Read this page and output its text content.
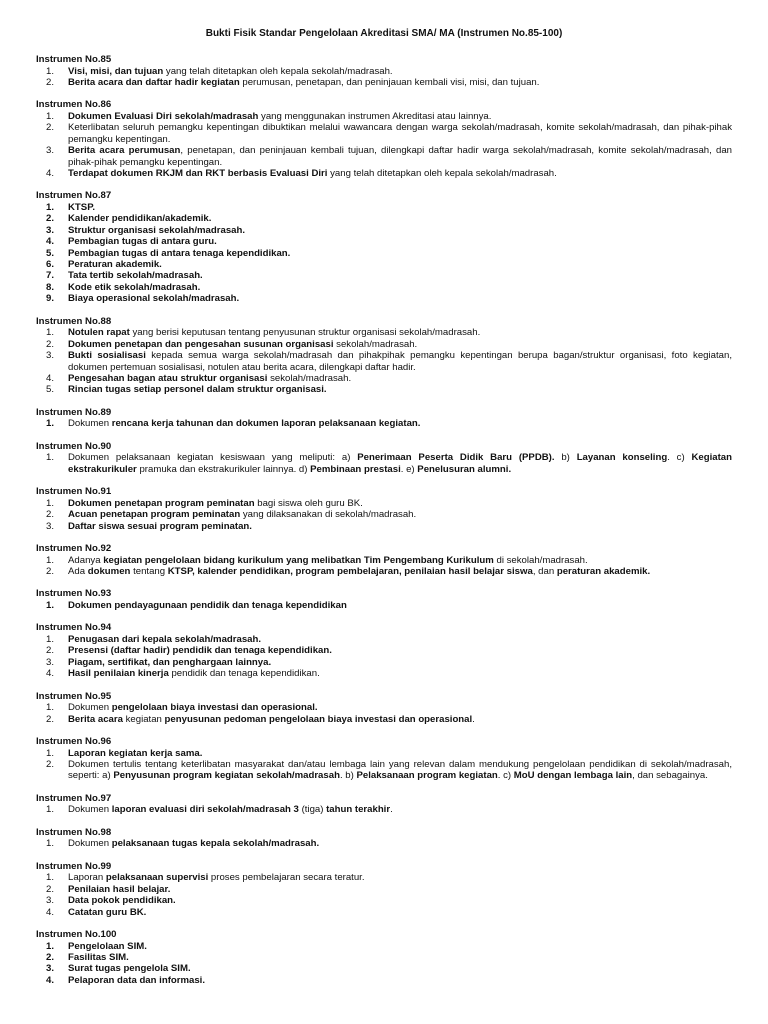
Bukti Fisik Standar Pengelolaan Akreditasi SMA/ MA (Instrumen No.85-100)
Instrumen No.85
1.	Visi, misi, dan tujuan yang telah ditetapkan oleh kepala sekolah/madrasah.
2.	Berita acara dan daftar hadir kegiatan perumusan, penetapan, dan peninjauan kembali visi, misi, dan tujuan.
Instrumen No.86
1.	Dokumen Evaluasi Diri sekolah/madrasah yang menggunakan instrumen Akreditasi atau lainnya.
2.	Keterlibatan seluruh pemangku kepentingan dibuktikan melalui wawancara dengan warga sekolah/madrasah, komite sekolah/madrasah, dan pihak-pihak pemangku kepentingan.
3.	Berita acara perumusan, penetapan, dan peninjauan kembali tujuan, dilengkapi daftar hadir warga sekolah/madrasah, komite sekolah/madrasah, dan pihak-pihak pemangku kepentingan.
4.	Terdapat dokumen RKJM dan RKT berbasis Evaluasi Diri yang telah ditetapkan oleh kepala sekolah/madrasah.
Instrumen No.87
1.	KTSP.
2.	Kalender pendidikan/akademik.
3.	Struktur organisasi sekolah/madrasah.
4.	Pembagian tugas di antara guru.
5.	Pembagian tugas di antara tenaga kependidikan.
6.	Peraturan akademik.
7.	Tata tertib sekolah/madrasah.
8.	Kode etik sekolah/madrasah.
9.	Biaya operasional sekolah/madrasah.
Instrumen No.88
1.	Notulen rapat yang berisi keputusan tentang penyusunan struktur organisasi sekolah/madrasah.
2.	Dokumen penetapan dan pengesahan susunan organisasi sekolah/madrasah.
3.	Bukti sosialisasi kepada semua warga sekolah/madrasah dan pihakpihak pemangku kepentingan berupa bagan/struktur organisasi, foto kegiatan, dokumen pertemuan sosialisasi, notulen atau berita acara, dilengkapi daftar hadir.
4.	Pengesahan bagan atau struktur organisasi sekolah/madrasah.
5.	Rincian tugas setiap personel dalam struktur organisasi.
Instrumen No.89
1.	Dokumen rencana kerja tahunan dan dokumen laporan pelaksanaan kegiatan.
Instrumen No.90
1.	Dokumen pelaksanaan kegiatan kesiswaan yang meliputi: a) Penerimaan Peserta Didik Baru (PPDB). b) Layanan konseling. c) Kegiatan ekstrakurikuler pramuka dan ekstrakurikuler lainnya. d) Pembinaan prestasi. e) Penelusuran alumni.
Instrumen No.91
1.	Dokumen penetapan program peminatan bagi siswa oleh guru BK.
2.	Acuan penetapan program peminatan yang dilaksanakan di sekolah/madrasah.
3.	Daftar siswa sesuai program peminatan.
Instrumen No.92
1.	Adanya kegiatan pengelolaan bidang kurikulum yang melibatkan Tim Pengembang Kurikulum di sekolah/madrasah.
2.	Ada dokumen tentang KTSP, kalender pendidikan, program pembelajaran, penilaian hasil belajar siswa, dan peraturan akademik.
Instrumen No.93
1.	Dokumen pendayagunaan pendidik dan tenaga kependidikan
Instrumen No.94
1.	Penugasan dari kepala sekolah/madrasah.
2.	Presensi (daftar hadir) pendidik dan tenaga kependidikan.
3.	Piagam, sertifikat, dan penghargaan lainnya.
4.	Hasil penilaian kinerja pendidik dan tenaga kependidikan.
Instrumen No.95
1.	Dokumen pengelolaan biaya investasi dan operasional.
2.	Berita acara kegiatan penyusunan pedoman pengelolaan biaya investasi dan operasional.
Instrumen No.96
1.	Laporan kegiatan kerja sama.
2.	Dokumen tertulis tentang keterlibatan masyarakat dan/atau lembaga lain yang relevan dalam mendukung pengelolaan pendidikan di sekolah/madrasah, seperti: a) Penyusunan program kegiatan sekolah/madrasah. b) Pelaksanaan program kegiatan. c) MoU dengan lembaga lain, dan sebagainya.
Instrumen No.97
1.	Dokumen laporan evaluasi diri sekolah/madrasah 3 (tiga) tahun terakhir.
Instrumen No.98
1.	Dokumen pelaksanaan tugas kepala sekolah/madrasah.
Instrumen No.99
1.	Laporan pelaksanaan supervisi proses pembelajaran secara teratur.
2.	Penilaian hasil belajar.
3.	Data pokok pendidikan.
4.	Catatan guru BK.
Instrumen No.100
1.	Pengelolaan SIM.
2.	Fasilitas SIM.
3.	Surat tugas pengelola SIM.
4.	Pelaporan data dan informasi.
